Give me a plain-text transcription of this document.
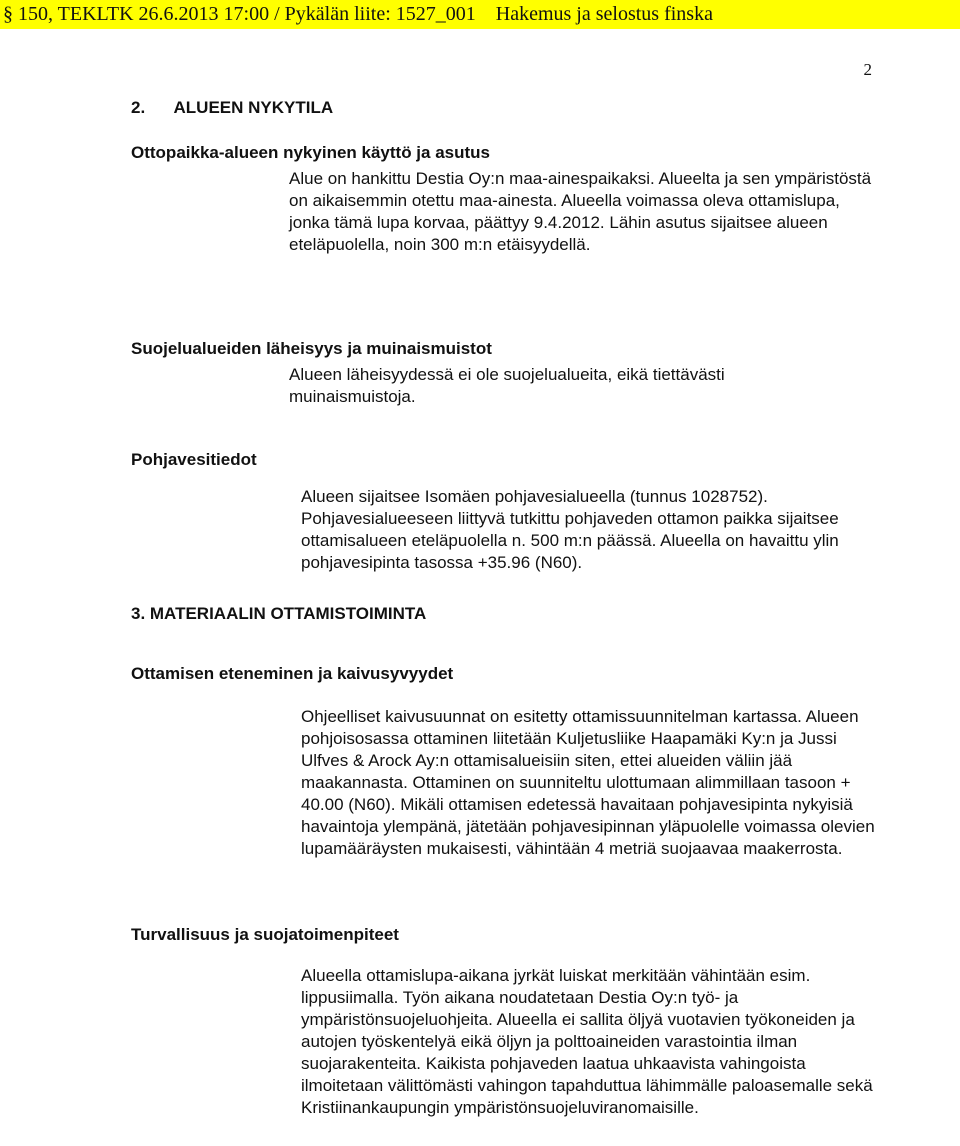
§ 150, TEKLTK 26.6.2013 17:00 / Pykälän liite: 1527_001 Hakemus ja selostus finska
2
2.      ALUEEN NYKYTILA
Ottopaikka-alueen nykyinen käyttö ja asutus

Alue on hankittu Destia Oy:n maa-ainespaikaksi. Alueelta ja sen ympäristöstä on aikaisemmin otettu maa-ainesta. Alueella voimassa oleva ottamislupa, jonka tämä lupa korvaa, päättyy 9.4.2012. Lähin asutus sijaitsee alueen eteläpuolella, noin 300 m:n etäisyydellä.

Suojelualueiden läheisyys ja muinaismuistot

Alueen läheisyydessä ei ole suojelualueita, eikä tiettävästi muinaismuistoja.

Pohjavesitiedot

Alueen sijaitsee Isomäen pohjavesialueella (tunnus 1028752). Pohjavesialueeseen liittyvä tutkittu pohjaveden ottamon paikka sijaitsee ottamisalueen eteläpuolella n. 500 m:n päässä. Alueella on havaittu ylin pohjavesipinta tasossa +35.96 (N60).

3. MATERIAALIN OTTAMISTOIMINTA
Ottamisen eteneminen ja kaivusyvyydet

Ohjeelliset kaivusuunnat on esitetty ottamissuunnitelman kartassa. Alueen pohjoisosassa ottaminen liitetään Kuljetusliike Haapamäki Ky:n ja Jussi Ulfves & Arock Ay:n ottamisalueisiin siten, ettei alueiden väliin jää maakannasta. Ottaminen on suunniteltu ulottumaan alimmillaan tasoon + 40.00 (N60). Mikäli ottamisen edetessä havaitaan pohjavesipinta nykyisiä havaintoja ylempänä, jätetään pohjavesipinnan yläpuolelle voimassa olevien lupamääräysten mukaisesti, vähintään 4 metriä suojaavaa maakerrosta.

Turvallisuus ja suojatoimenpiteet

Alueella ottamislupa-aikana jyrkät luiskat merkitään vähintään esim. lippusiimalla. Työn aikana noudatetaan Destia Oy:n työ- ja ympäristönsuojeluohjeita. Alueella ei sallita öljyä vuotavien työkoneiden ja autojen työskentelyä eikä öljyn ja polttoaineiden varastointia ilman suojarakenteita. Kaikista pohjaveden laatua uhkaavista vahingoista ilmoitetaan välittömästi vahingon tapahduttua lähimmälle paloasemalle sekä Kristiinankaupungin ympäristönsuojeluviranomaisille.
